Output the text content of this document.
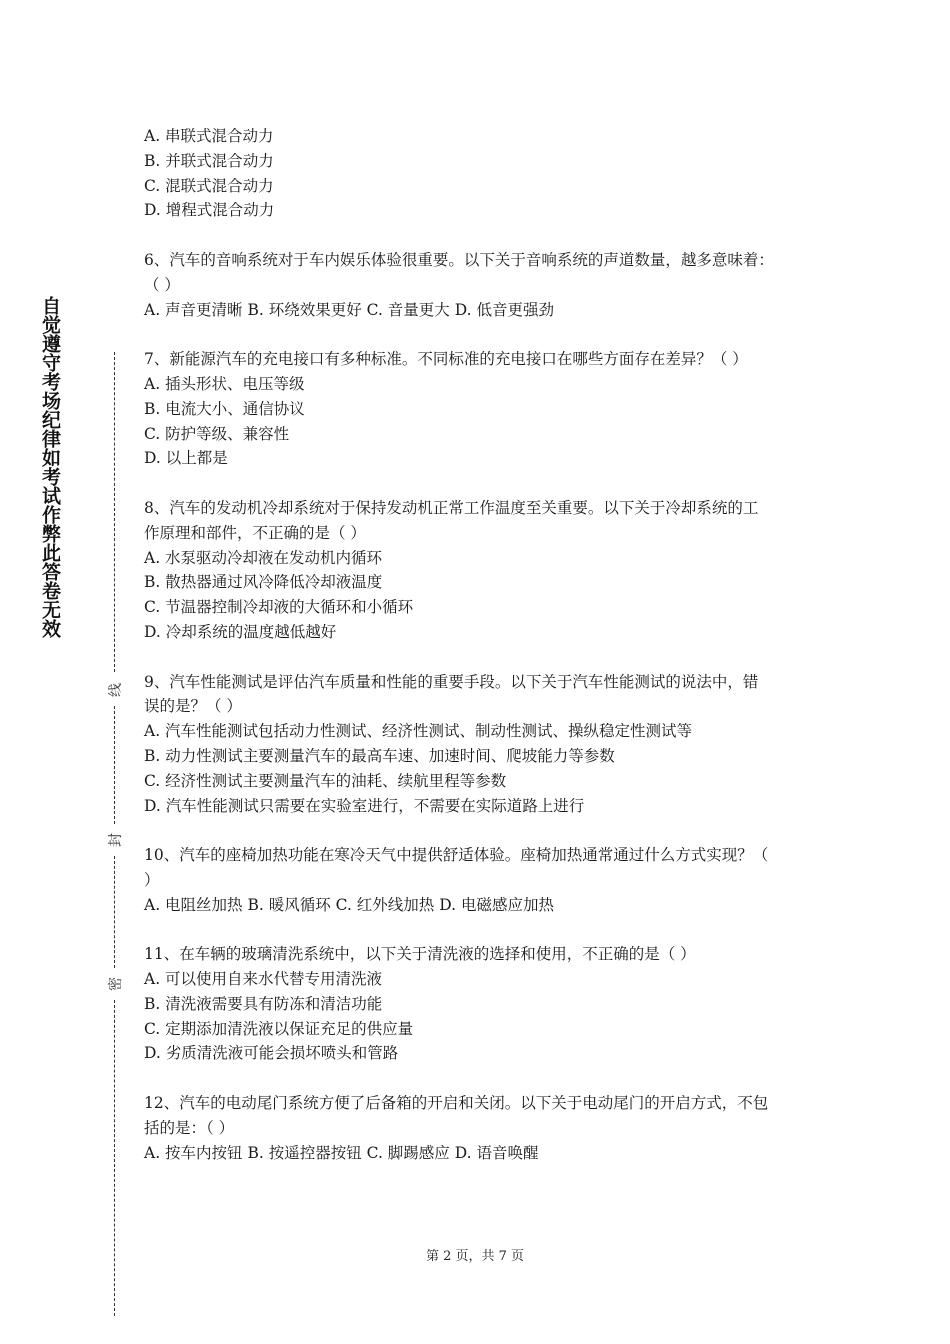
自觉遵守考场纪律如考试作弊此答卷无效
线
封
密
A. 串联式混合动力
B. 并联式混合动力
C. 混联式混合动力
D. 增程式混合动力
6、汽车的音响系统对于车内娱乐体验很重要。以下关于音响系统的声道数量，越多意味着：
（ ）
A. 声音更清晰 B. 环绕效果更好 C. 音量更大 D. 低音更强劲
7、新能源汽车的充电接口有多种标准。不同标准的充电接口在哪些方面存在差异？（ ）
A. 插头形状、电压等级
B. 电流大小、通信协议
C. 防护等级、兼容性
D. 以上都是
8、汽车的发动机冷却系统对于保持发动机正常工作温度至关重要。以下关于冷却系统的工
作原理和部件，不正确的是（ ）
A. 水泵驱动冷却液在发动机内循环
B. 散热器通过风冷降低冷却液温度
C. 节温器控制冷却液的大循环和小循环
D. 冷却系统的温度越低越好
9、汽车性能测试是评估汽车质量和性能的重要手段。以下关于汽车性能测试的说法中，错
误的是？（ ）
A. 汽车性能测试包括动力性测试、经济性测试、制动性测试、操纵稳定性测试等
B. 动力性测试主要测量汽车的最高车速、加速时间、爬坡能力等参数
C. 经济性测试主要测量汽车的油耗、续航里程等参数
D. 汽车性能测试只需要在实验室进行，不需要在实际道路上进行
10、汽车的座椅加热功能在寒冷天气中提供舒适体验。座椅加热通常通过什么方式实现？（
）
A. 电阻丝加热 B. 暖风循环 C. 红外线加热 D. 电磁感应加热
11、在车辆的玻璃清洗系统中，以下关于清洗液的选择和使用，不正确的是（ ）
A. 可以使用自来水代替专用清洗液
B. 清洗液需要具有防冻和清洁功能
C. 定期添加清洗液以保证充足的供应量
D. 劣质清洗液可能会损坏喷头和管路
12、汽车的电动尾门系统方便了后备箱的开启和关闭。以下关于电动尾门的开启方式，不包
括的是：（ ）
A. 按车内按钮 B. 按遥控器按钮 C. 脚踢感应 D. 语音唤醒
第 2 页，共 7 页
